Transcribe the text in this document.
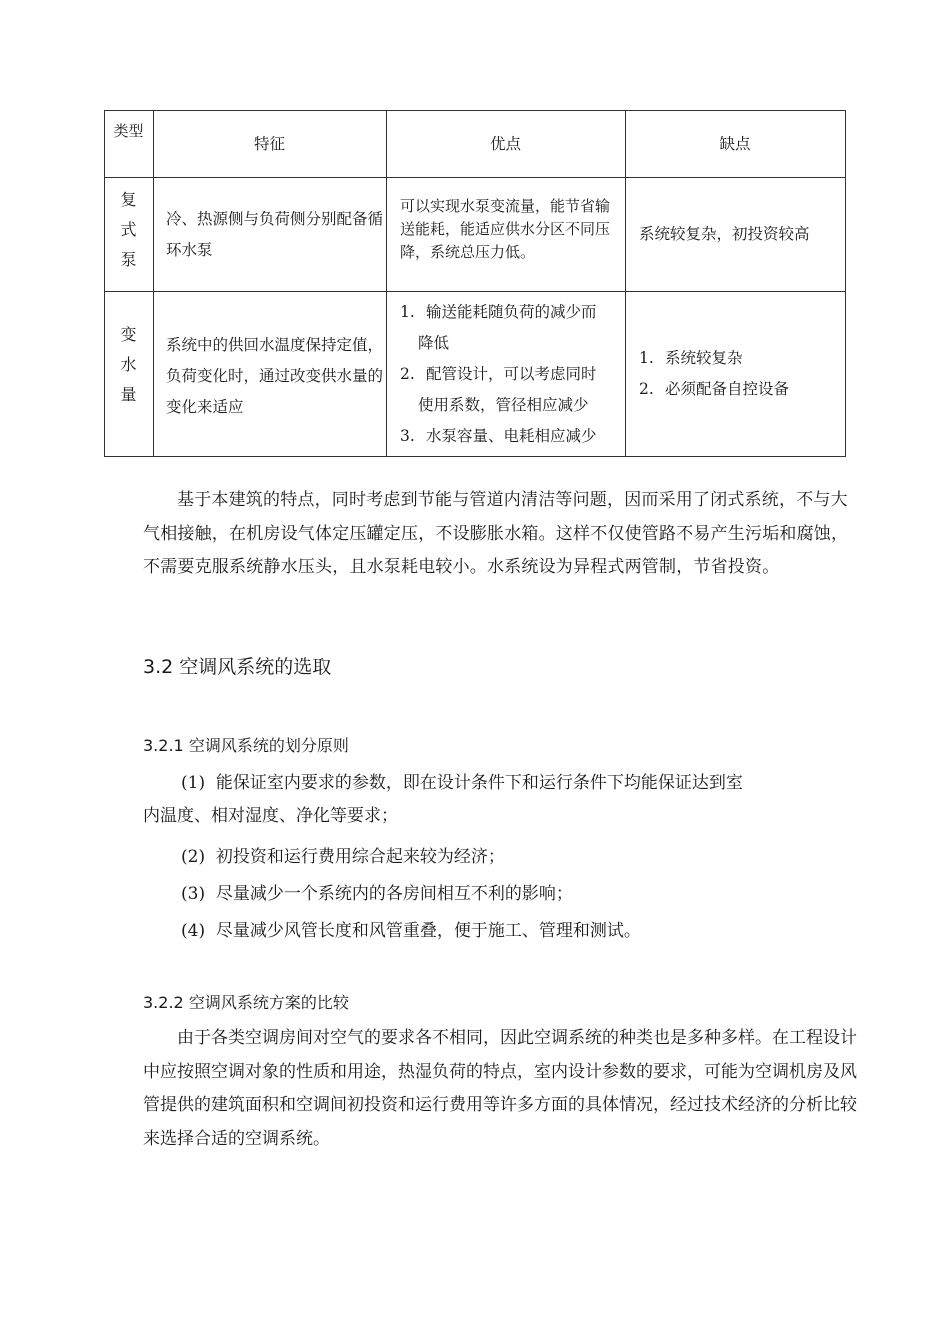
类型
特征	优点	缺点
复
式
泵
冷、热源侧与负荷侧分别配备循环水泵
可以实现水泵变流量，能节省输送能耗，能适应供水分区不同压降，系统总压力低。
系统较复杂，初投资较高
变
水
量
系统中的供回水温度保持定值，负荷变化时，通过改变供水量的变化来适应
1. 输送能耗随负荷的减少而
降低
2. 配管设计，可以考虑同时
使用系数，管径相应减少
3. 水泵容量、电耗相应减少
1. 系统较复杂
2. 必须配备自控设备
基于本建筑的特点，同时考虑到节能与管道内清洁等问题，因而采用了闭式系统，不与大气相接触，在机房设气体定压罐定压，不设膨胀水箱。这样不仅使管路不易产生污垢和腐蚀，不需要克服系统静水压头，且水泵耗电较小。水系统设为异程式两管制，节省投资。
3.2 空调风系统的选取
3.2.1 空调风系统的划分原则
(1) 能保证室内要求的参数，即在设计条件下和运行条件下均能保证达到室
内温度、相对湿度、净化等要求；
(2) 初投资和运行费用综合起来较为经济；
(3) 尽量减少一个系统内的各房间相互不利的影响；
(4) 尽量减少风管长度和风管重叠，便于施工、管理和测试。
3.2.2 空调风系统方案的比较
由于各类空调房间对空气的要求各不相同，因此空调系统的种类也是多种多样。在工程设计中应按照空调对象的性质和用途，热湿负荷的特点，室内设计参数的要求，可能为空调机房及风管提供的建筑面积和空调间初投资和运行费用等许多方面的具体情况，经过技术经济的分析比较来选择合适的空调系统。
